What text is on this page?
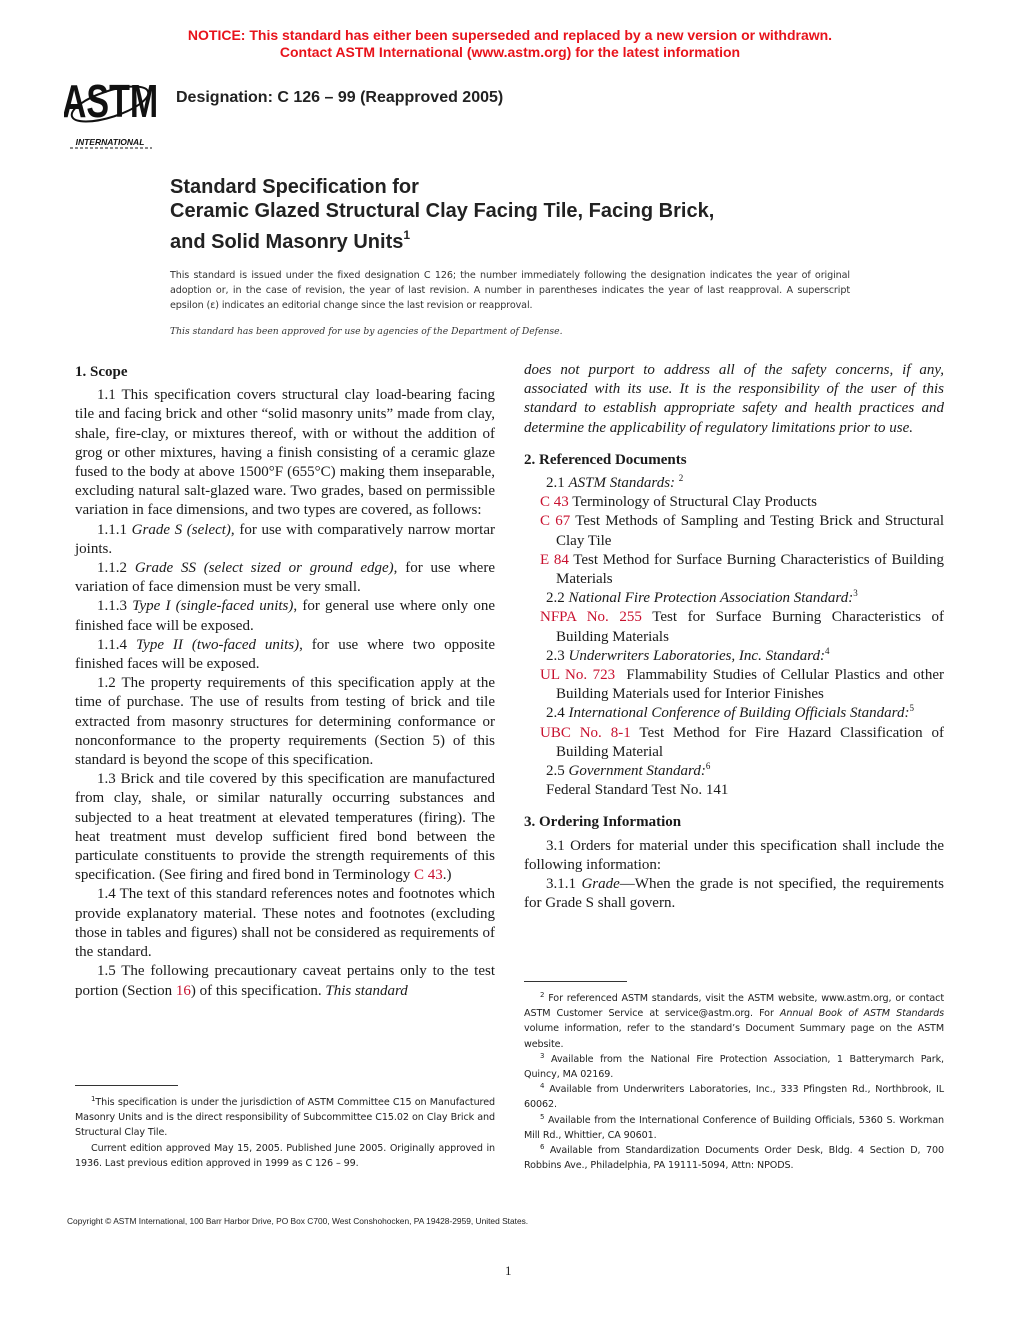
NOTICE: This standard has either been superseded and replaced by a new version or withdrawn.
Contact ASTM International (www.astm.org) for the latest information
ASTM
INTERNATIONAL
Designation: C 126 – 99 (Reapproved 2005)
Standard Specification for
Ceramic Glazed Structural Clay Facing Tile, Facing Brick,
and Solid Masonry Units$^1$
This standard is issued under the fixed designation C 126; the number immediately following the designation indicates the year of original adoption or, in the case of revision, the year of last revision. A number in parentheses indicates the year of last reapproval. A superscript epsilon (ε) indicates an editorial change since the last revision or reapproval.
This standard has been approved for use by agencies of the Department of Defense.
1. Scope

1.1 This specification covers structural clay load-bearing facing tile and facing brick and other “solid masonry units” made from clay, shale, fire-clay, or mixtures thereof, with or without the addition of grog or other mixtures, having a finish consisting of a ceramic glaze fused to the body at above 1500°F (655°C) making them inseparable, excluding natural salt-glazed ware. Two grades, based on permissible variation in face dimensions, and two types are covered, as follows:

1.1.1 Grade S (select), for use with comparatively narrow mortar joints.

1.1.2 Grade SS (select sized or ground edge), for use where variation of face dimension must be very small.

1.1.3 Type I (single-faced units), for general use where only one finished face will be exposed.

1.1.4 Type II (two-faced units), for use where two opposite finished faces will be exposed.

1.2 The property requirements of this specification apply at the time of purchase. The use of results from testing of brick and tile extracted from masonry structures for determining conformance or nonconformance to the property requirements (Section 5) of this standard is beyond the scope of this specification.

1.3 Brick and tile covered by this specification are manufactured from clay, shale, or similar naturally occurring substances and subjected to a heat treatment at elevated temperatures (firing). The heat treatment must develop sufficient fired bond between the particulate constituents to provide the strength requirements of this specification. (See firing and fired bond in Terminology C 43.)

1.4 The text of this standard references notes and footnotes which provide explanatory material. These notes and footnotes (excluding those in tables and figures) shall not be considered as requirements of the standard.

1.5 The following precautionary caveat pertains only to the test portion (Section 16) of this specification. This standard

does not purport to address all of the safety concerns, if any, associated with its use. It is the responsibility of the user of this standard to establish appropriate safety and health practices and determine the applicability of regulatory limitations prior to use.

2. Referenced Documents

2.1 ASTM Standards: $^2$

C 43 Terminology of Structural Clay Products

C 67 Test Methods of Sampling and Testing Brick and Structural Clay Tile

E 84 Test Method for Surface Burning Characteristics of Building Materials

2.2 National Fire Protection Association Standard:$^3$

NFPA No. 255 Test for Surface Burning Characteristics of Building Materials

2.3 Underwriters Laboratories, Inc. Standard:$^4$

UL No. 723 Flammability Studies of Cellular Plastics and other Building Materials used for Interior Finishes

2.4 International Conference of Building Officials Standard:$^5$

UBC No. 8-1 Test Method for Fire Hazard Classification of Building Material

2.5 Government Standard:$^6$

Federal Standard Test No. 141

3. Ordering Information

3.1 Orders for material under this specification shall include the following information:

3.1.1 Grade—When the grade is not specified, the requirements for Grade S shall govern.

$^1$This specification is under the jurisdiction of ASTM Committee C15 on Manufactured Masonry Units and is the direct responsibility of Subcommittee C15.02 on Clay Brick and Structural Clay Tile.

Current edition approved May 15, 2005. Published June 2005. Originally approved in 1936. Last previous edition approved in 1999 as C 126 – 99.

$^2$ For referenced ASTM standards, visit the ASTM website, www.astm.org, or contact ASTM Customer Service at service@astm.org. For Annual Book of ASTM Standards volume information, refer to the standard’s Document Summary page on the ASTM website.

$^3$ Available from the National Fire Protection Association, 1 Batterymarch Park, Quincy, MA 02169.

$^4$ Available from Underwriters Laboratories, Inc., 333 Pfingsten Rd., Northbrook, IL 60062.

$^5$ Available from the International Conference of Building Officials, 5360 S. Workman Mill Rd., Whittier, CA 90601.

$^6$ Available from Standardization Documents Order Desk, Bldg. 4 Section D, 700 Robbins Ave., Philadelphia, PA 19111-5094, Attn: NPODS.

Copyright © ASTM International, 100 Barr Harbor Drive, PO Box C700, West Conshohocken, PA 19428-2959, United States.
1
